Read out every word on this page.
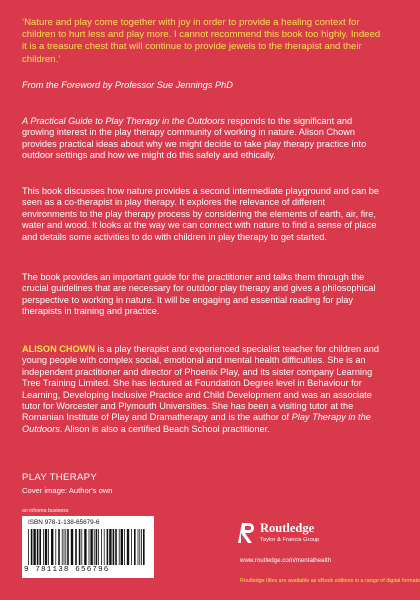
‘Nature and play come together with joy in order to provide a healing context for children to hurt less and play more. I cannot recommend this book too highly. Indeed it is a treasure chest that will continue to provide jewels to the therapist and their children.’

From the Foreword by Professor Sue Jennings PhD

A Practical Guide to Play Therapy in the Outdoors responds to the significant and growing interest in the play therapy community of working in nature. Alison Chown provides practical ideas about why we might decide to take play therapy practice into outdoor settings and how we might do this safely and ethically.

This book discusses how nature provides a second intermediate playground and can be seen as a co-therapist in play therapy. It explores the relevance of different environments to the play therapy process by considering the elements of earth, air, fire, water and wood. It looks at the way we can connect with nature to find a sense of place and details some activities to do with children in play therapy to get started.

The book provides an important guide for the practitioner and talks them through the crucial guidelines that are necessary for outdoor play therapy and gives a philosophical perspective to working in nature. It will be engaging and essential reading for play therapists in training and practice.

ALISON CHOWN is a play therapist and experienced specialist teacher for children and young people with complex social, emotional and mental health difficulties. She is an independent practitioner and director of Phoenix Play, and its sister company Learning Tree Training Limited. She has lectured at Foundation Degree level in Behaviour for Learning, Developing Inclusive Practice and Child Development and was an associate tutor for Worcester and Plymouth Universities. She has been a visiting tutor at the Romanian Institute of Play and Dramatherapy and is the author of Play Therapy in the Outdoors. Alison is also a certified Beach School practitioner.

PLAY THERAPY
Cover image: Author's own
an informa business
ISBN 978-1-138-65679-6
9 781138 656796
Routledge
Taylor & Francis Group
www.routledge.com/mentalhealth
Routledge titles are available as eBook editions in a range of digital formats
